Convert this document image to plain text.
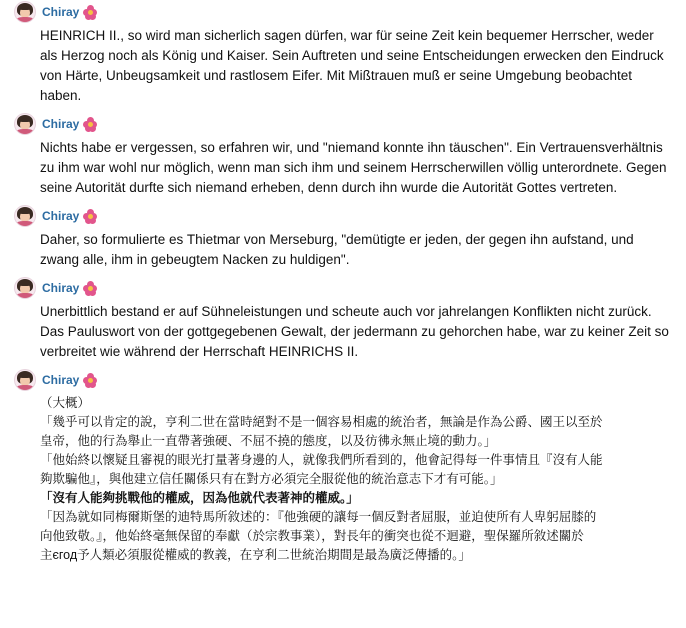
Chiray

HEINRICH II., so wird man sicherlich sagen dürfen, war für seine Zeit kein bequemer Herrscher, weder als Herzog noch als König und Kaiser. Sein Auftreten und seine Entscheidungen erwecken den Eindruck von Härte, Unbeugsamkeit und rastlosem Eifer. Mit Mißtrauen muß er seine Umgebung beobachtet haben.

Chiray

Nichts habe er vergessen, so erfahren wir, und "niemand konnte ihn täuschen". Ein Vertrauensverhältnis zu ihm war wohl nur möglich, wenn man sich ihm und seinem Herrscherwillen völlig unterordnete. Gegen seine Autorität durfte sich niemand erheben, denn durch ihn wurde die Autorität Gottes vertreten.

Chiray

Daher, so formulierte es Thietmar von Merseburg, "demütigte er jeden, der gegen ihn aufstand, und zwang alle, ihm in gebeugtem Nacken zu huldigen".

Chiray

Unerbittlich bestand er auf Sühneleistungen und scheute auch vor jahrelangen Konflikten nicht zurück. Das Pauluswort von der gottgegebenen Gewalt, der jedermann zu gehorchen habe, war zu keiner Zeit so verbreitet wie während der Herrschaft HEINRICHS II.

Chiray

（大概）

「幾乎可以肯定的說，亨利二世在當時絕對不是一個容易相處的統治者，無論是作為公爵、國王以至於

皇帝，他的行為舉止一直帶著強硬、不屈不撓的態度，以及彷彿永無止境的動力。」

「他始終以懷疑且審視的眼光打量著身邊的人，就像我們所看到的，他會記得每一件事情且『沒有人能

夠欺騙他』，與他建立信任關係只有在對方必須完全服從他的統治意志下才有可能。」

「沒有人能夠挑戰他的權威，因為他就代表著神的權威。」

「因為就如同梅爾斯堡的迪特馬所敘述的：『他強硬的讓每一個反對者屈服，並迫使所有人卑躬屈膝的

向他致敬。』，他始終毫無保留的奉獻（於宗教事業），對長年的衝突也從不迴避，聖保羅所敘述關於

主єгод予人類必須服從權威的教義，在亨利二世統治期間是最為廣泛傳播的。」
